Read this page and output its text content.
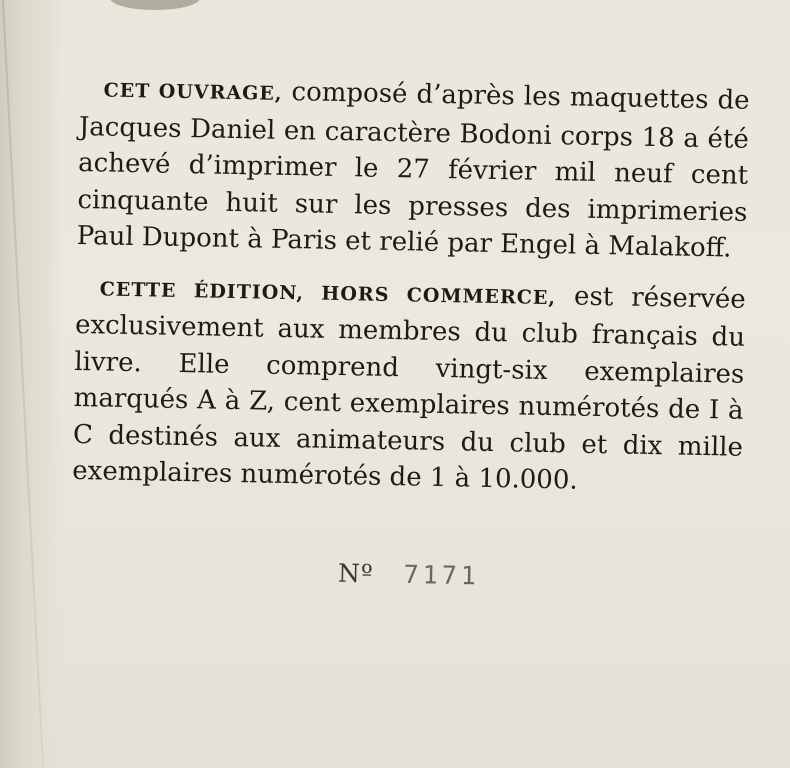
CET OUVRAGE, composé d’après les maquettes de Jacques Daniel en caractère Bodoni corps 18 a été achevé d’imprimer le 27 février mil neuf cent cinquante huit sur les presses des imprimeries Paul Dupont à Paris et relié par Engel à Malakoff.

CETTE ÉDITION, HORS COMMERCE, est réservée exclusivement aux membres du club français du livre. Elle comprend vingt-six exemplaires marqués A à Z, cent exemplaires numérotés de I à C destinés aux animateurs du club et dix mille exemplaires numérotés de 1 à 10.000.

Nº 7171
